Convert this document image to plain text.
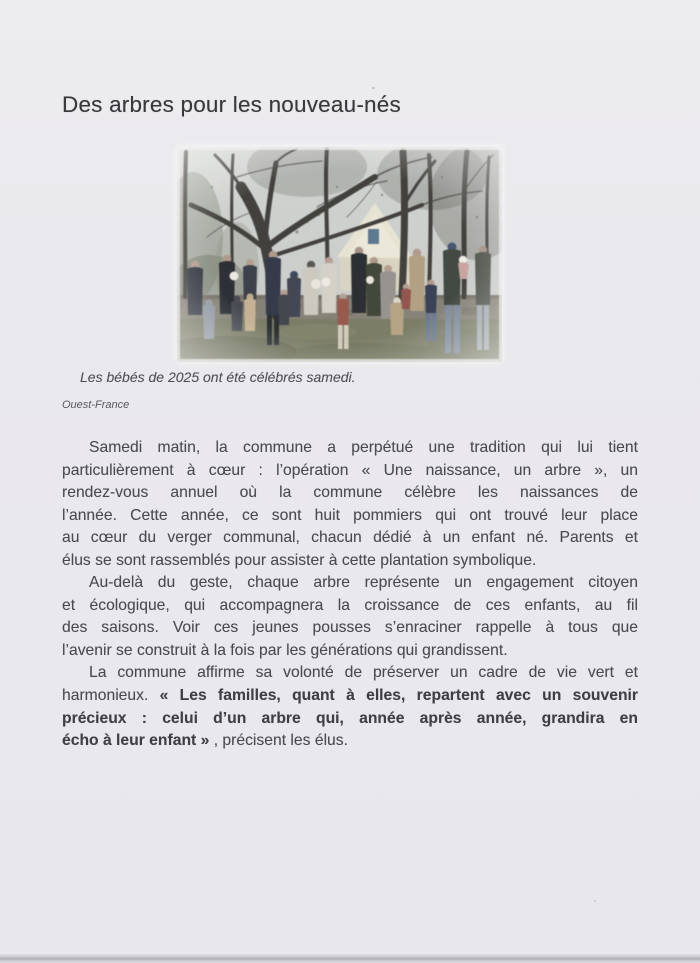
Des arbres pour les nouveau-nés

Les bébés de 2025 ont été célébrés samedi.

Ouest-France

Samedi matin, la commune a perpétué une tradition qui lui tient
particulièrement à cœur : l’opération « Une naissance, un arbre », un
rendez-vous annuel où la commune célèbre les naissances de
l’année. Cette année, ce sont huit pommiers qui ont trouvé leur place
au cœur du verger communal, chacun dédié à un enfant né. Parents et
élus se sont rassemblés pour assister à cette plantation symbolique.
Au-delà du geste, chaque arbre représente un engagement citoyen
et écologique, qui accompagnera la croissance de ces enfants, au fil
des saisons. Voir ces jeunes pousses s’enraciner rappelle à tous que
l’avenir se construit à la fois par les générations qui grandissent.
La commune affirme sa volonté de préserver un cadre de vie vert et
harmonieux. « Les familles, quant à elles, repartent avec un souvenir
précieux : celui d’un arbre qui, année après année, grandira en
écho à leur enfant » , précisent les élus.
